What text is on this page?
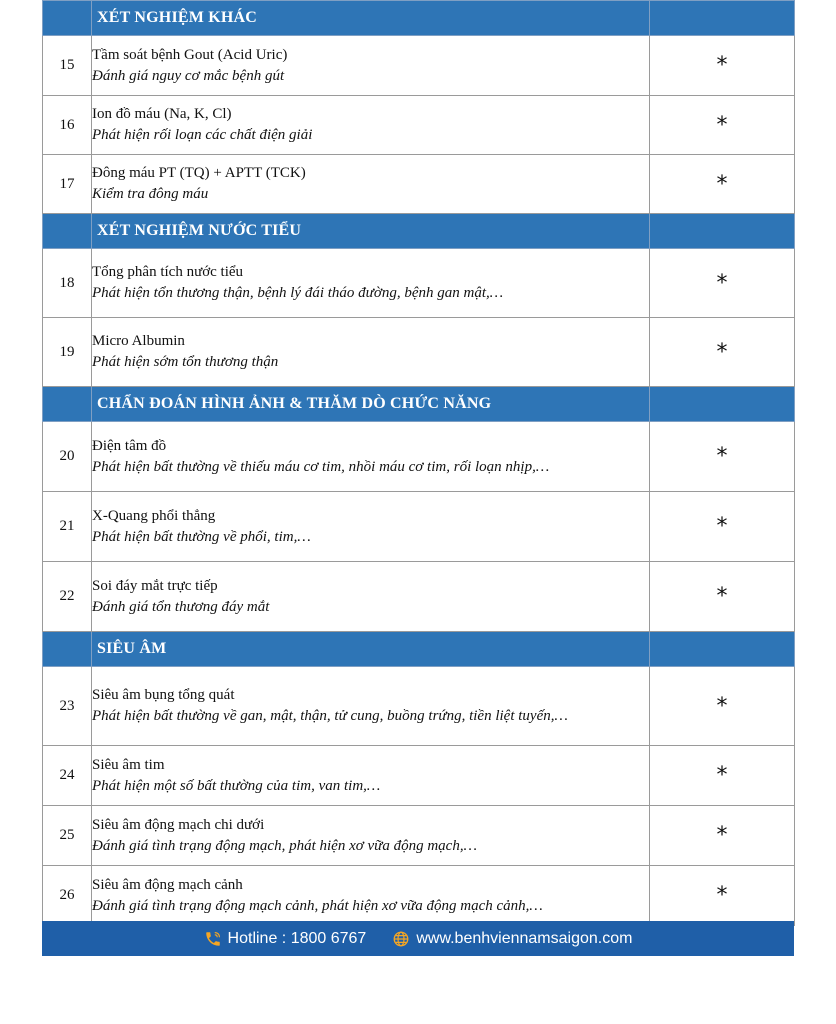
	XÉT NGHIỆM KHÁC	
15	Tầm soát bệnh Gout (Acid Uric)
Đánh giá nguy cơ mắc bệnh gút	*
16	Ion đồ máu (Na, K, Cl)
Phát hiện rối loạn các chất điện giải	*
17	Đông máu PT (TQ) + APTT (TCK)
Kiểm tra đông máu	*
	XÉT NGHIỆM NƯỚC TIỂU	
18	Tổng phân tích nước tiểu
Phát hiện tổn thương thận, bệnh lý đái tháo đường, bệnh gan mật,…	*
19	Micro Albumin
Phát hiện sớm tổn thương thận	*
	CHẨN ĐOÁN HÌNH ẢNH & THĂM DÒ CHỨC NĂNG	
20	Điện tâm đồ
Phát hiện bất thường về thiếu máu cơ tim, nhồi máu cơ tim, rối loạn nhịp,…	*
21	X-Quang phổi thẳng
Phát hiện bất thường về phổi, tim,…	*
22	Soi đáy mắt trực tiếp
Đánh giá tổn thương đáy mắt	*
	SIÊU ÂM	
23	Siêu âm bụng tổng quát
Phát hiện bất thường về gan, mật, thận, tử cung, buồng trứng, tiền liệt tuyến,…	*
24	Siêu âm tim
Phát hiện một số bất thường của tim, van tim,…	*
25	Siêu âm động mạch chi dưới
Đánh giá tình trạng động mạch, phát hiện xơ vữa động mạch,…	*
26	Siêu âm động mạch cảnh
Đánh giá tình trạng động mạch cảnh, phát hiện xơ vữa động mạch cảnh,…	*
Hotline : 1800 6767	www.benhviennamsaigon.com
